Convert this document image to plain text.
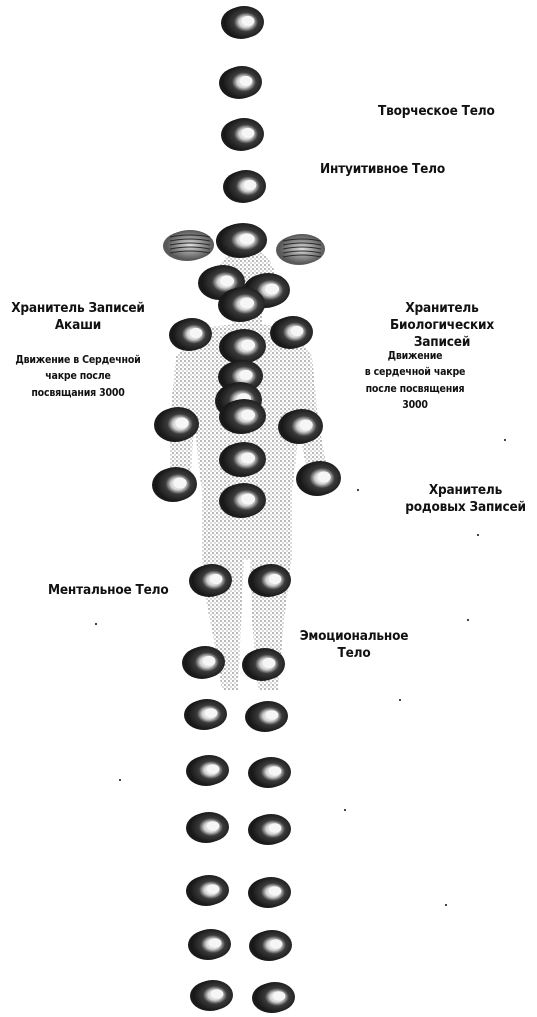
Творческое Тело
Интуитивное Тело
Хранитель Записей
Акаши
Движение в Сердечной
чакре после
посвящания 3000
Хранитель Биологических
Записей
Движение
в сердечной чакре
после посвящения
3000
Хранитель
родовых Записей
Ментальное Тело
Эмоциональное
Тело
